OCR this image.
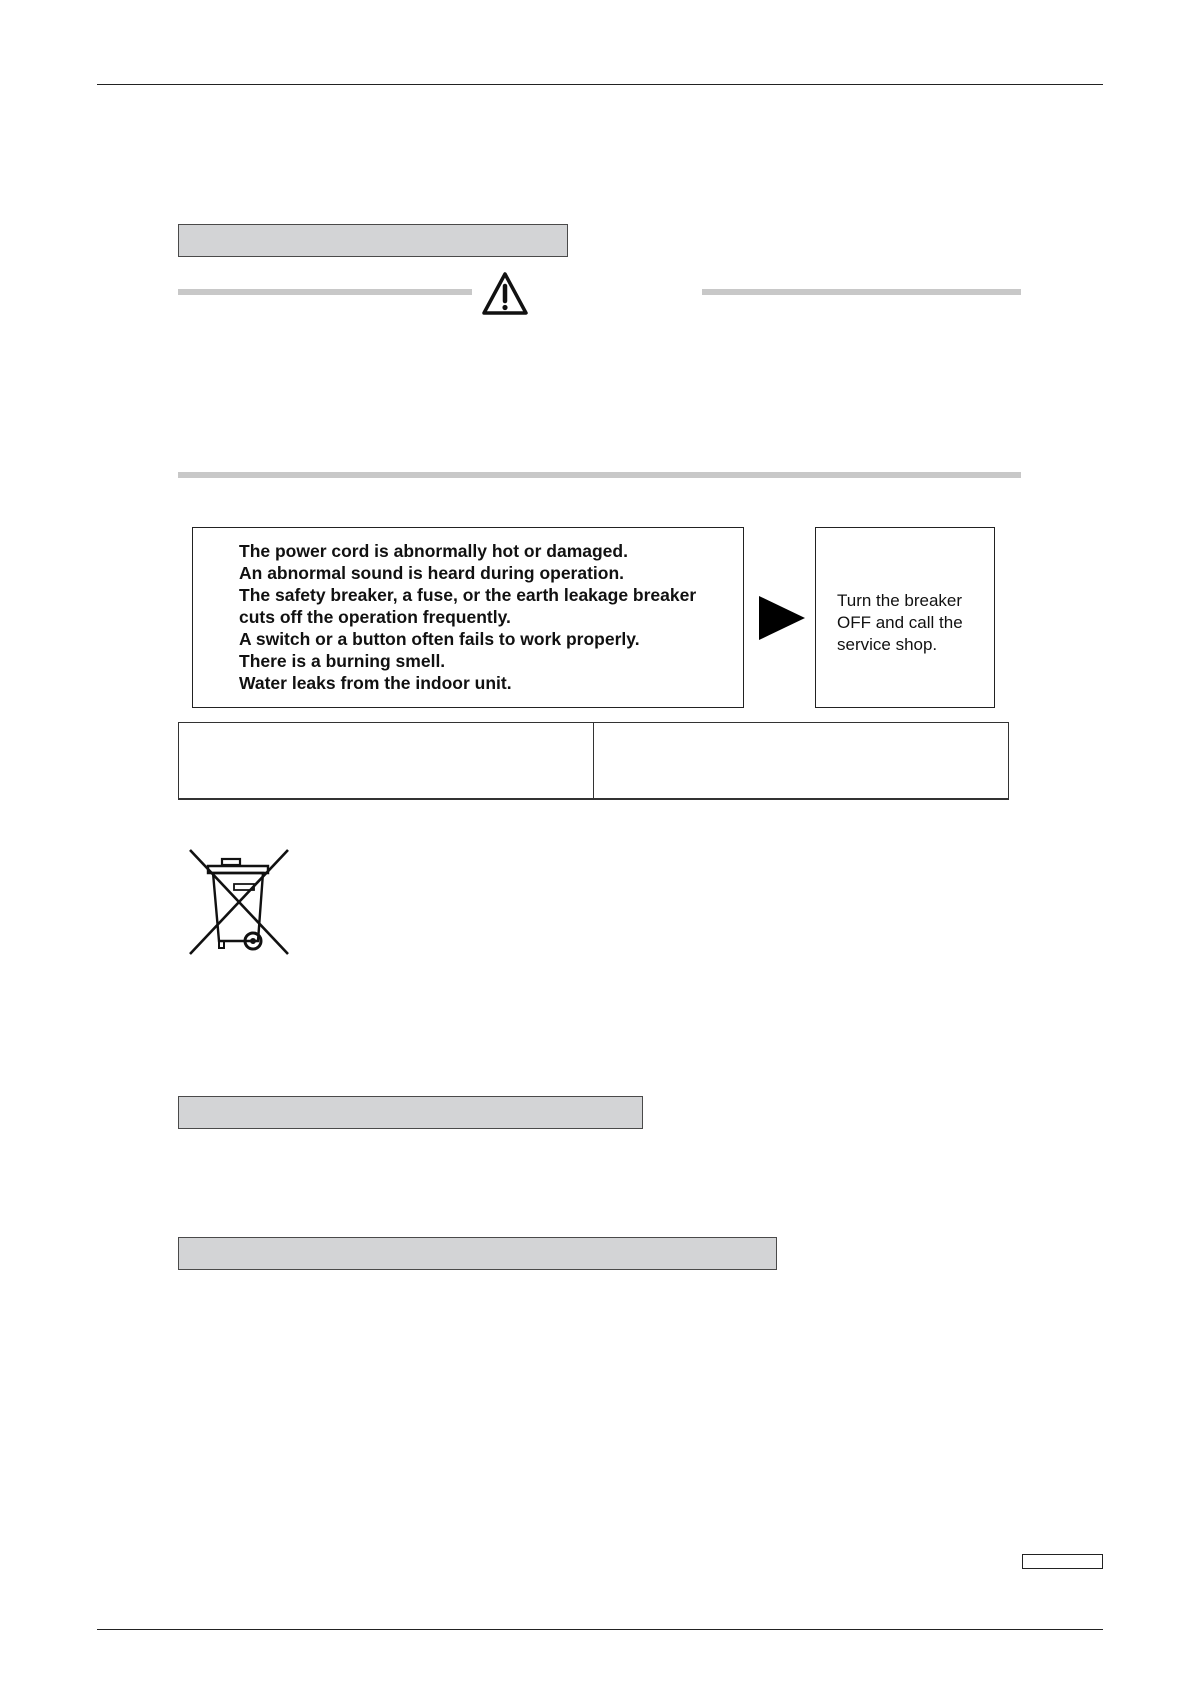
The power cord is abnormally hot or damaged.
An abnormal sound is heard during operation.
The safety breaker, a fuse, or the earth leakage breaker
cuts off the operation frequently.
A switch or a button often fails to work properly.
There is a burning smell.
Water leaks from the indoor unit.
Turn the breaker
OFF and call the
service shop.
